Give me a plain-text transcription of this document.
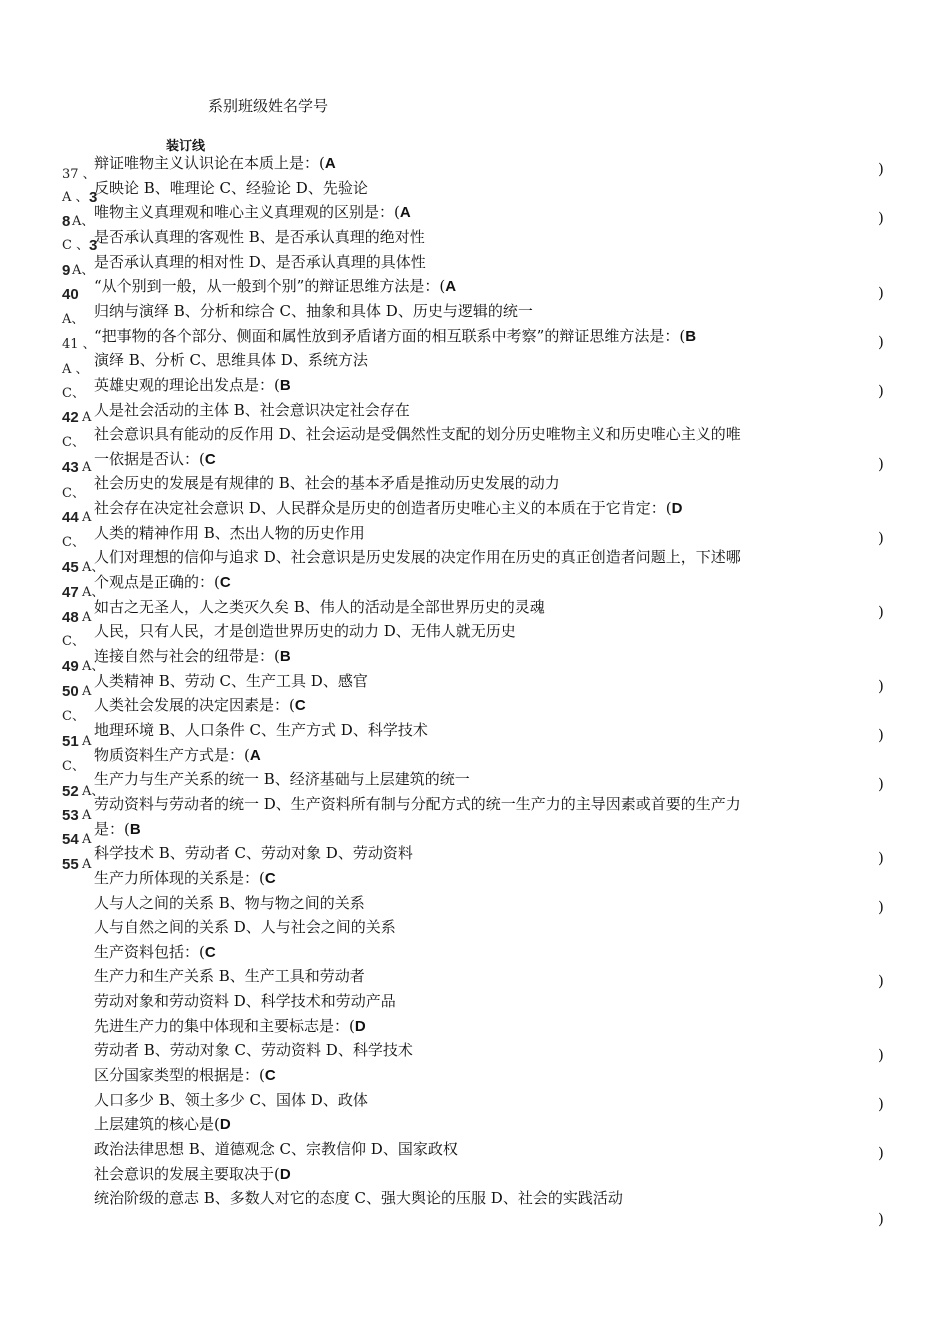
系别班级姓名学号
装订线
辩证唯物主义认识论在本质上是：(A
反映论 B、唯理论 C、经验论 D、先验论
唯物主义真理观和唯心主义真理观的区别是：(A
是否承认真理的客观性 B、是否承认真理的绝对性
是否承认真理的相对性 D、是否承认真理的具体性
“从个别到一般，从一般到个别”的辩证思维方法是：(A
归纳与演绎 B、分析和综合 C、抽象和具体 D、历史与逻辑的统一
“把事物的各个部分、侧面和属性放到矛盾诸方面的相互联系中考察”的辩证思维方法是：(B
演绎 B、分析 C、思维具体 D、系统方法
英雄史观的理论出发点是：(B
人是社会活动的主体 B、社会意识决定社会存在
社会意识具有能动的反作用 D、社会运动是受偶然性支配的划分历史唯物主义和历史唯心主义的唯
一依据是否认：(C
社会历史的发展是有规律的 B、社会的基本矛盾是推动历史发展的动力
社会存在决定社会意识 D、人民群众是历史的创造者历史唯心主义的本质在于它肯定：(D
人类的精神作用 B、杰出人物的历史作用
人们对理想的信仰与追求 D、社会意识是历史发展的决定作用在历史的真正创造者问题上，下述哪
个观点是正确的：(C
如古之无圣人，人之类灭久矣 B、伟人的活动是全部世界历史的灵魂
人民，只有人民，才是创造世界历史的动力 D、无伟人就无历史
连接自然与社会的纽带是：(B
人类精神 B、劳动 C、生产工具 D、感官
人类社会发展的决定因素是：(C
地理环境 B、人口条件 C、生产方式 D、科学技术
物质资料生产方式是：(A
生产力与生产关系的统一 B、经济基础与上层建筑的统一
劳动资料与劳动者的统一 D、生产资料所有制与分配方式的统一生产力的主导因素或首要的生产力
是：(B
科学技术 B、劳动者 C、劳动对象 D、劳动资料
生产力所体现的关系是：(C
人与人之间的关系 B、物与物之间的关系
人与自然之间的关系 D、人与社会之间的关系
生产资料包括：(C
生产力和生产关系 B、生产工具和劳动者
劳动对象和劳动资料 D、科学技术和劳动产品
先进生产力的集中体现和主要标志是：(D
劳动者 B、劳动对象 C、劳动资料 D、科学技术
区分国家类型的根据是：(C
人口多少 B、领土多少 C、国体 D、政体
上层建筑的核心是(D
政治法律思想 B、道德观念 C、宗教信仰 D、国家政权
社会意识的发展主要取决于(D
统治阶级的意志 B、多数人对它的态度 C、强大舆论的压服 D、社会的实践活动
37 、
A 、 3
8 A、
C 、 3
9 A、
40
A、
41 、
A 、
C、
42 A
C、
43 A
C、
44 A
C、
45 A、
47 A、
48 A
C、
49 A、
50 A
C、
51 A
C、
52 A、
53 A
54 A
55 A
)
)
)
)
)
)
)
)
)
)
)
)
)
)
)
)
)
)
